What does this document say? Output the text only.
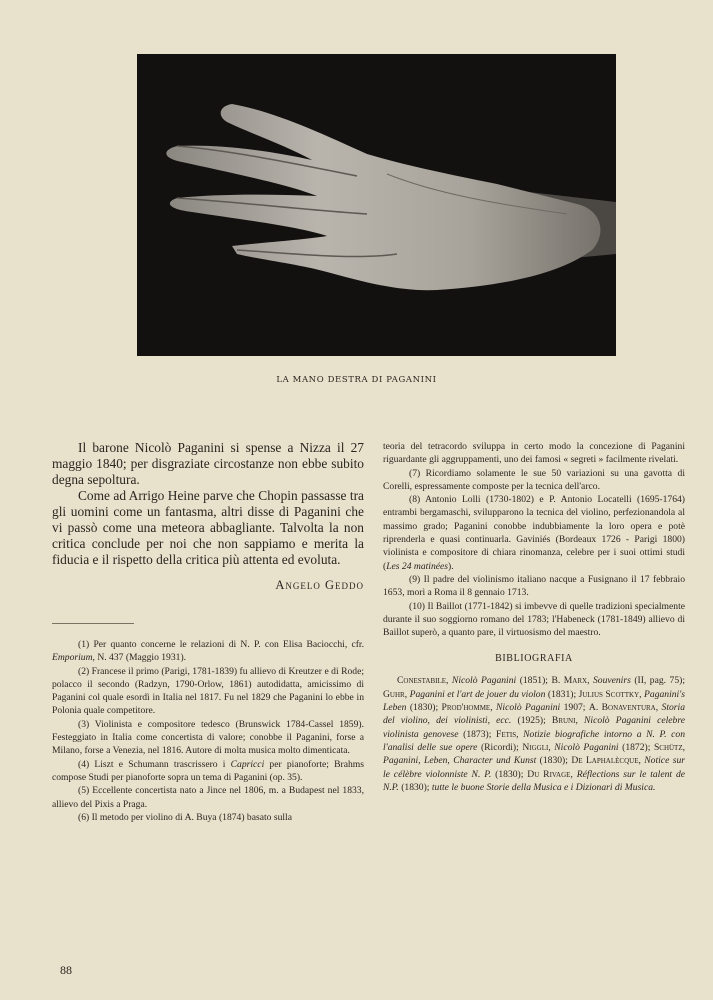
LA MANO DESTRA DI PAGANINI

Il barone Nicolò Paganini si spense a Nizza il 27 maggio 1840; per disgraziate circostanze non ebbe subito degna sepoltura.

Come ad Arrigo Heine parve che Chopin passasse tra gli uomini come un fantasma, altri disse di Paganini che vi passò come una meteora abbagliante. Talvolta la non critica conclude per noi che non sappiamo e merita la fiducia e il rispetto della critica più attenta ed evoluta.

Angelo Geddo

(1) Per quanto concerne le relazioni di N. P. con Elisa Baciocchi, cfr. Emporium, N. 437 (Maggio 1931).

(2) Francese il primo (Parigi, 1781-1839) fu allievo di Kreutzer e di Rode; polacco il secondo (Radzyn, 1790-Orlow, 1861) autodidatta, amicissimo di Paganini col quale esordì in Italia nel 1817. Fu nel 1829 che Paganini lo ebbe in Polonia quale competitore.

(3) Violinista e compositore tedesco (Brunswick 1784-Cassel 1859). Festeggiato in Italia come concertista di valore; conobbe il Paganini, forse a Milano, forse a Venezia, nel 1816. Autore di molta musica molto dimenticata.

(4) Liszt e Schumann trascrissero i Capricci per pianoforte; Brahms compose Studi per pianoforte sopra un tema di Paganini (op. 35).

(5) Eccellente concertista nato a Jince nel 1806, m. a Budapest nel 1833, allievo del Pixis a Praga.

(6) Il metodo per violino di A. Buya (1874) basato sulla

teoria del tetracordo sviluppa in certo modo la concezione di Paganini riguardante gli aggruppamenti, uno dei famosi « segreti » facilmente rivelati.

(7) Ricordiamo solamente le sue 50 variazioni su una gavotta di Corelli, espressamente composte per la tecnica dell'arco.

(8) Antonio Lolli (1730-1802) e P. Antonio Locatelli (1695-1764) entrambi bergamaschi, svilupparono la tecnica del violino, perfezionandola al massimo grado; Paganini conobbe indubbiamente la loro opera e potè riprenderla e quasi continuarla. Gaviniés (Bordeaux 1726 - Parigi 1800) violinista e compositore di chiara rinomanza, celebre per i suoi ottimi studi (Les 24 matinées).

(9) Il padre del violinismo italiano nacque a Fusignano il 17 febbraio 1653, morì a Roma il 8 gennaio 1713.

(10) Il Baillot (1771-1842) si imbevve di quelle tradizioni specialmente durante il suo soggiorno romano del 1783; l'Habeneck (1781-1849) allievo di Baillot superò, a quanto pare, il virtuosismo del maestro.

BIBLIOGRAFIA

Conestabile, Nicolò Paganini (1851); B. Marx, Souvenirs (II, pag. 75); Guhr, Paganini et l'art de jouer du violon (1831); Julius Scottky, Paganini's Leben (1830); Prod'homme, Nicolò Paganini 1907; A. Bonaventura, Storia del violino, dei violinisti, ecc. (1925); Bruni, Nicolò Paganini celebre violinista genovese (1873); Fetis, Notizie biografiche intorno a N. P. con l'analisi delle sue opere (Ricordi); Niggli, Nicolò Paganini (1872); Schütz, Paganini, Leben, Character und Kunst (1830); De Laphalècque, Notice sur le célèbre violonniste N. P. (1830); Du Rivage, Réflections sur le talent de N.P. (1830); tutte le buone Storie della Musica e i Dizionari di Musica.

88
